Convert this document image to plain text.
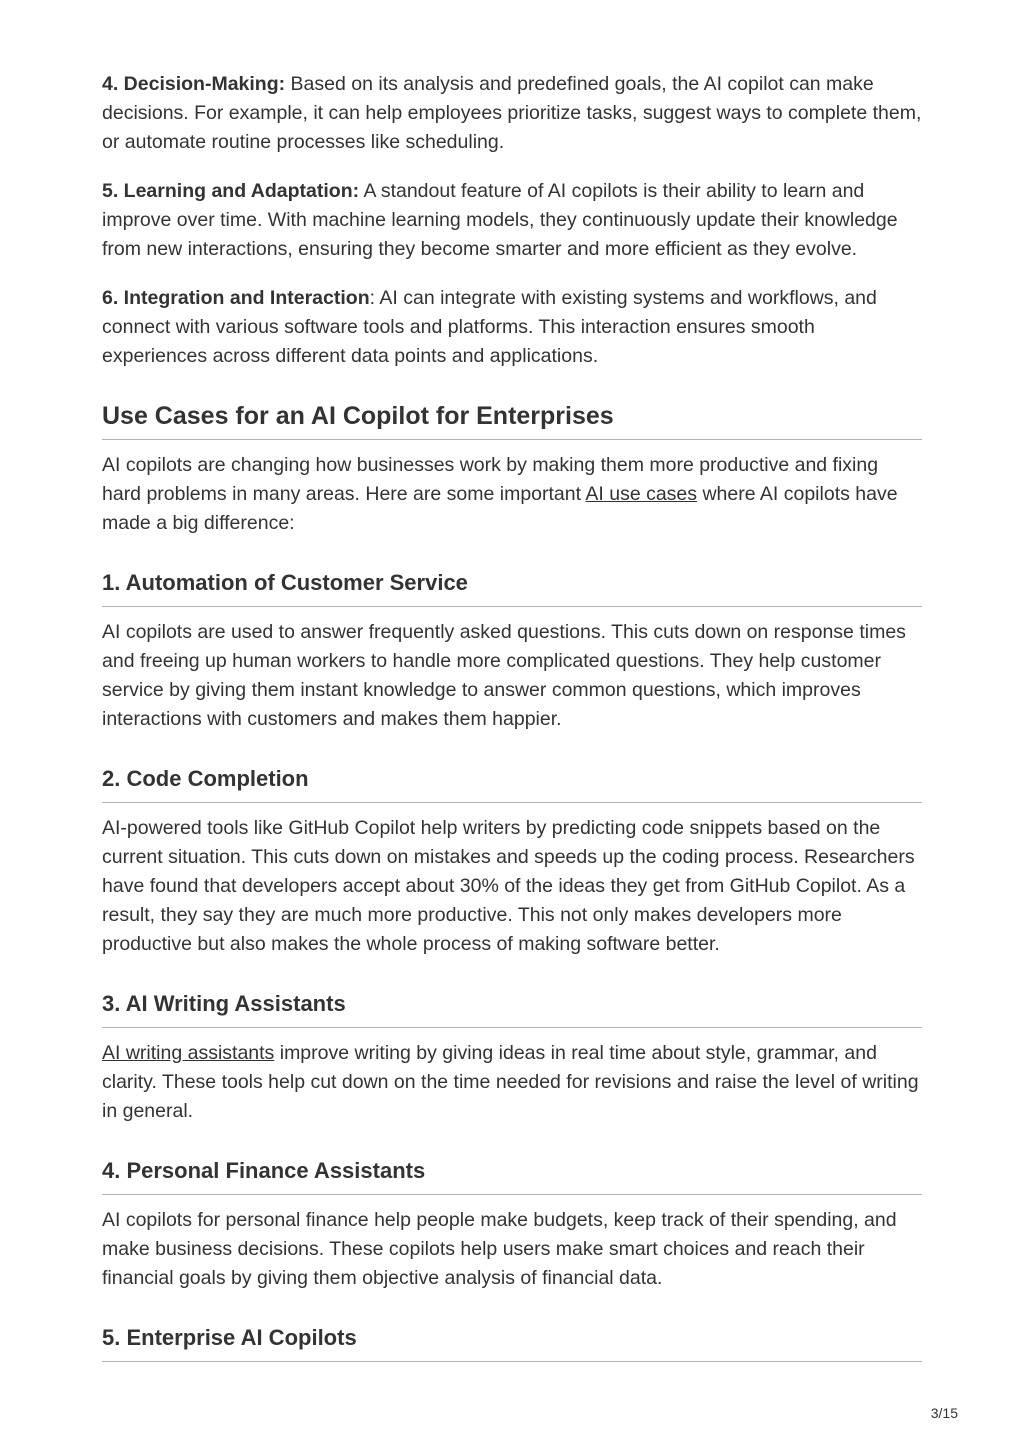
4. Decision-Making: Based on its analysis and predefined goals, the AI copilot can make decisions. For example, it can help employees prioritize tasks, suggest ways to complete them, or automate routine processes like scheduling.

5. Learning and Adaptation: A standout feature of AI copilots is their ability to learn and improve over time. With machine learning models, they continuously update their knowledge from new interactions, ensuring they become smarter and more efficient as they evolve.

6. Integration and Interaction: AI can integrate with existing systems and workflows, and connect with various software tools and platforms. This interaction ensures smooth experiences across different data points and applications.

Use Cases for an AI Copilot for Enterprises

AI copilots are changing how businesses work by making them more productive and fixing hard problems in many areas. Here are some important AI use cases where AI copilots have made a big difference:

1. Automation of Customer Service

AI copilots are used to answer frequently asked questions. This cuts down on response times and freeing up human workers to handle more complicated questions. They help customer service by giving them instant knowledge to answer common questions, which improves interactions with customers and makes them happier.

2. Code Completion

AI-powered tools like GitHub Copilot help writers by predicting code snippets based on the current situation. This cuts down on mistakes and speeds up the coding process. Researchers have found that developers accept about 30% of the ideas they get from GitHub Copilot. As a result, they say they are much more productive. This not only makes developers more productive but also makes the whole process of making software better.

3. AI Writing Assistants

AI writing assistants improve writing by giving ideas in real time about style, grammar, and clarity. These tools help cut down on the time needed for revisions and raise the level of writing in general.

4. Personal Finance Assistants

AI copilots for personal finance help people make budgets, keep track of their spending, and make business decisions. These copilots help users make smart choices and reach their financial goals by giving them objective analysis of financial data.

5. Enterprise AI Copilots
3/15
